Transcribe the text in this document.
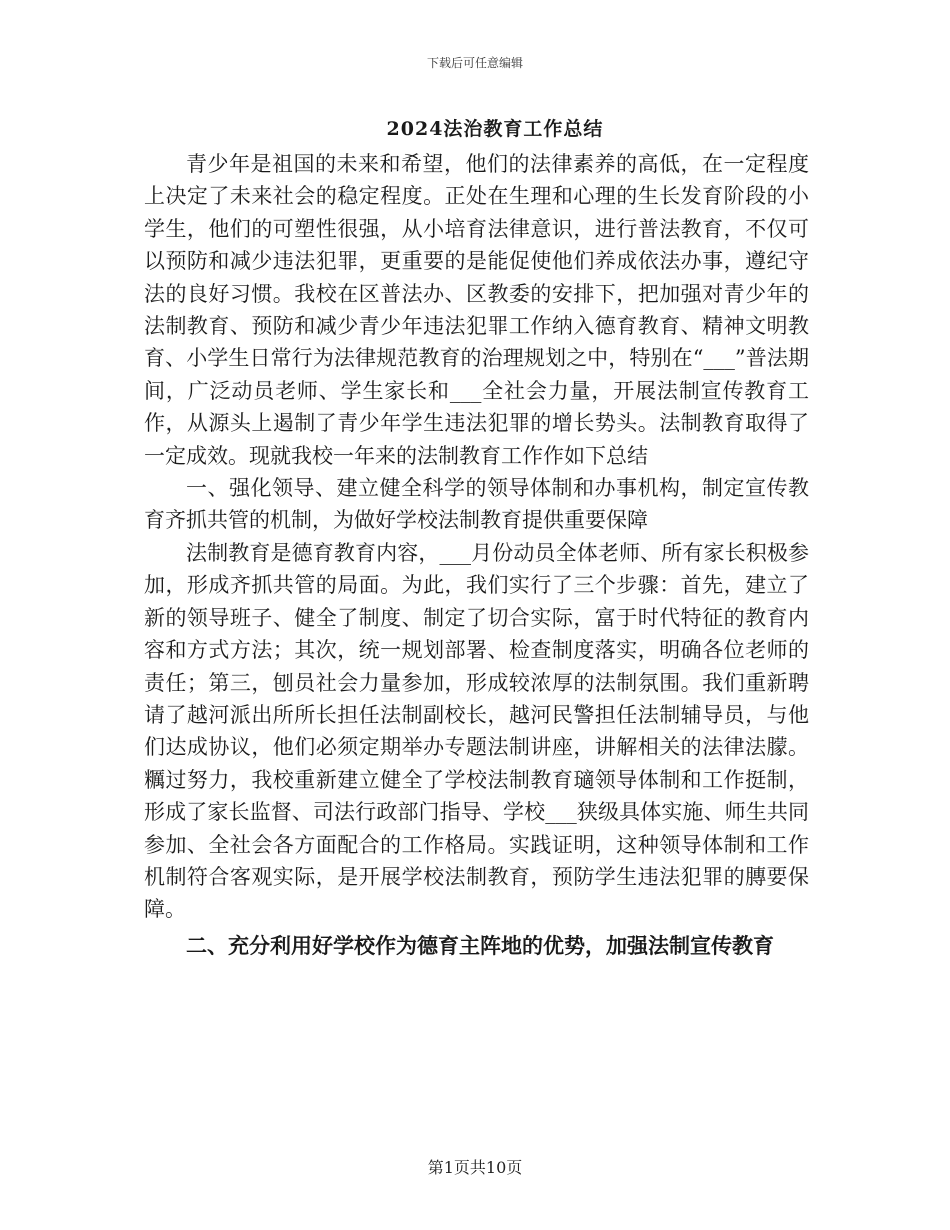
下载后可任意编辑
2024法治教育工作总结

青少年是祖国的未来和希望，他们的法律素养的高低，在一定程度上决定了未来社会的稳定程度。正处在生理和心理的生长发育阶段的小学生，他们的可塑性很强，从小培育法律意识，进行普法教育，不仅可以预防和减少违法犯罪，更重要的是能促使他们养成依法办事，遵纪守法的良好习惯。我校在区普法办、区教委的安排下，把加强对青少年的法制教育、预防和减少青少年违法犯罪工作纳入德育教育、精神文明教育、小学生日常行为法律规范教育的治理规划之中，特别在“___”普法期间，广泛动员老师、学生家长和___全社会力量，开展法制宣传教育工作，从源头上遏制了青少年学生违法犯罪的增长势头。法制教育取得了一定成效。现就我校一年来的法制教育工作作如下总结

一、强化领导、建立健全科学的领导体制和办事机构，制定宣传教育齐抓共管的机制，为做好学校法制教育提供重要保障

法制教育是德育教育内容，___月份动员全体老师、所有家长积极参加，形成齐抓共管的局面。为此，我们实行了三个步骤：首先，建立了新的领导班子、健全了制度、制定了切合实际，富于时代特征的教育内容和方式方法；其次，统一规划部署、检查制度落实，明确各位老师的责任；第三，刨员社会力量参加，形成较浓厚的法制氛围。我们重新聘请了越河派出所所长担任法制副校长，越河民警担任法制辅导员，与他们达成协议，他们必须定期举办专题法制讲座，讲解相关的法律法朦。糲过努力，我校重新建立健全了学校法制教育瓋领导体制和工作挺制，形成了家长监督、司法行政部门指导、学校___狭级具体实施、师生共同参加、全社会各方面配合的工作格局。实践证明，这种领导体制和工作机制符合客观实际，是开展学校法制教育，预防学生违法犯罪的膞要保障。

二、充分利用好学校作为德育主阵地的优势，加强法制宣传教育

第1页共10页
